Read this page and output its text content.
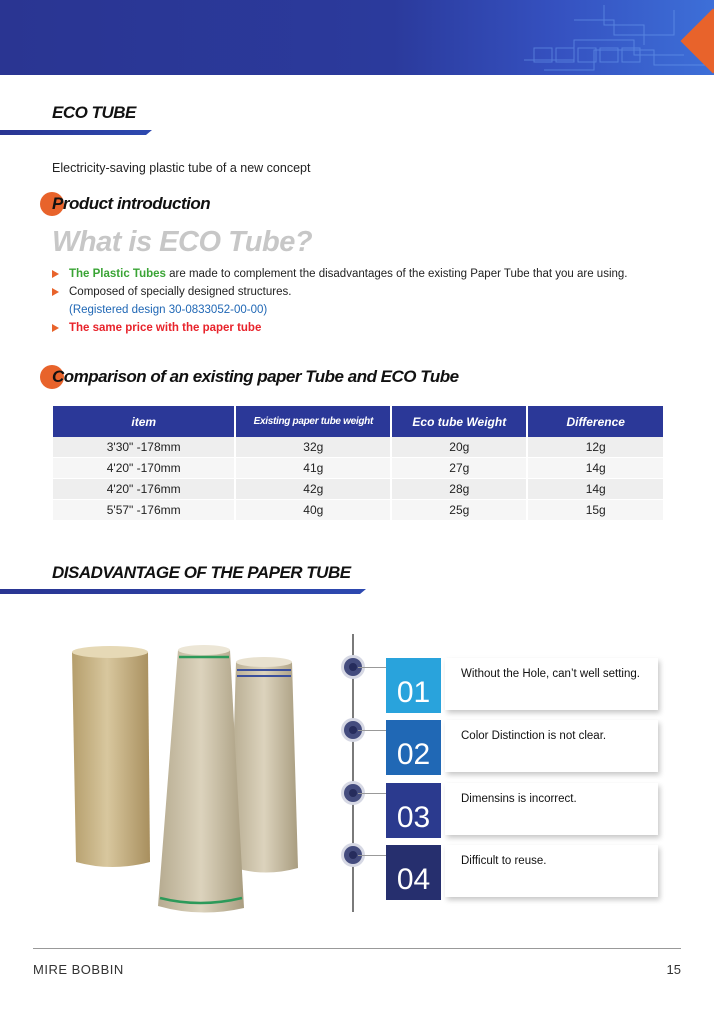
ECO TUBE
Electricity-saving plastic tube of a new concept
Product introduction
What is ECO Tube?
The Plastic Tubes are made to complement the disadvantages of the existing Paper Tube that you are using.
Composed of specially designed structures.
(Registered design 30-0833052-00-00)
The same price with the paper tube
Comparison of an existing paper Tube and ECO Tube
item	Existing paper tube weight	Eco tube Weight	Difference
3'30" -178mm	32g	20g	12g
4'20" -170mm	41g	27g	14g
4'20" -176mm	42g	28g	14g
5'57" -176mm	40g	25g	15g
DISADVANTAGE OF THE PAPER TUBE
01
Without the Hole, can’t well setting.
02
Color Distinction is not clear.
03
Dimensins is incorrect.
04
Difficult to reuse.
MIRE BOBBIN	15
